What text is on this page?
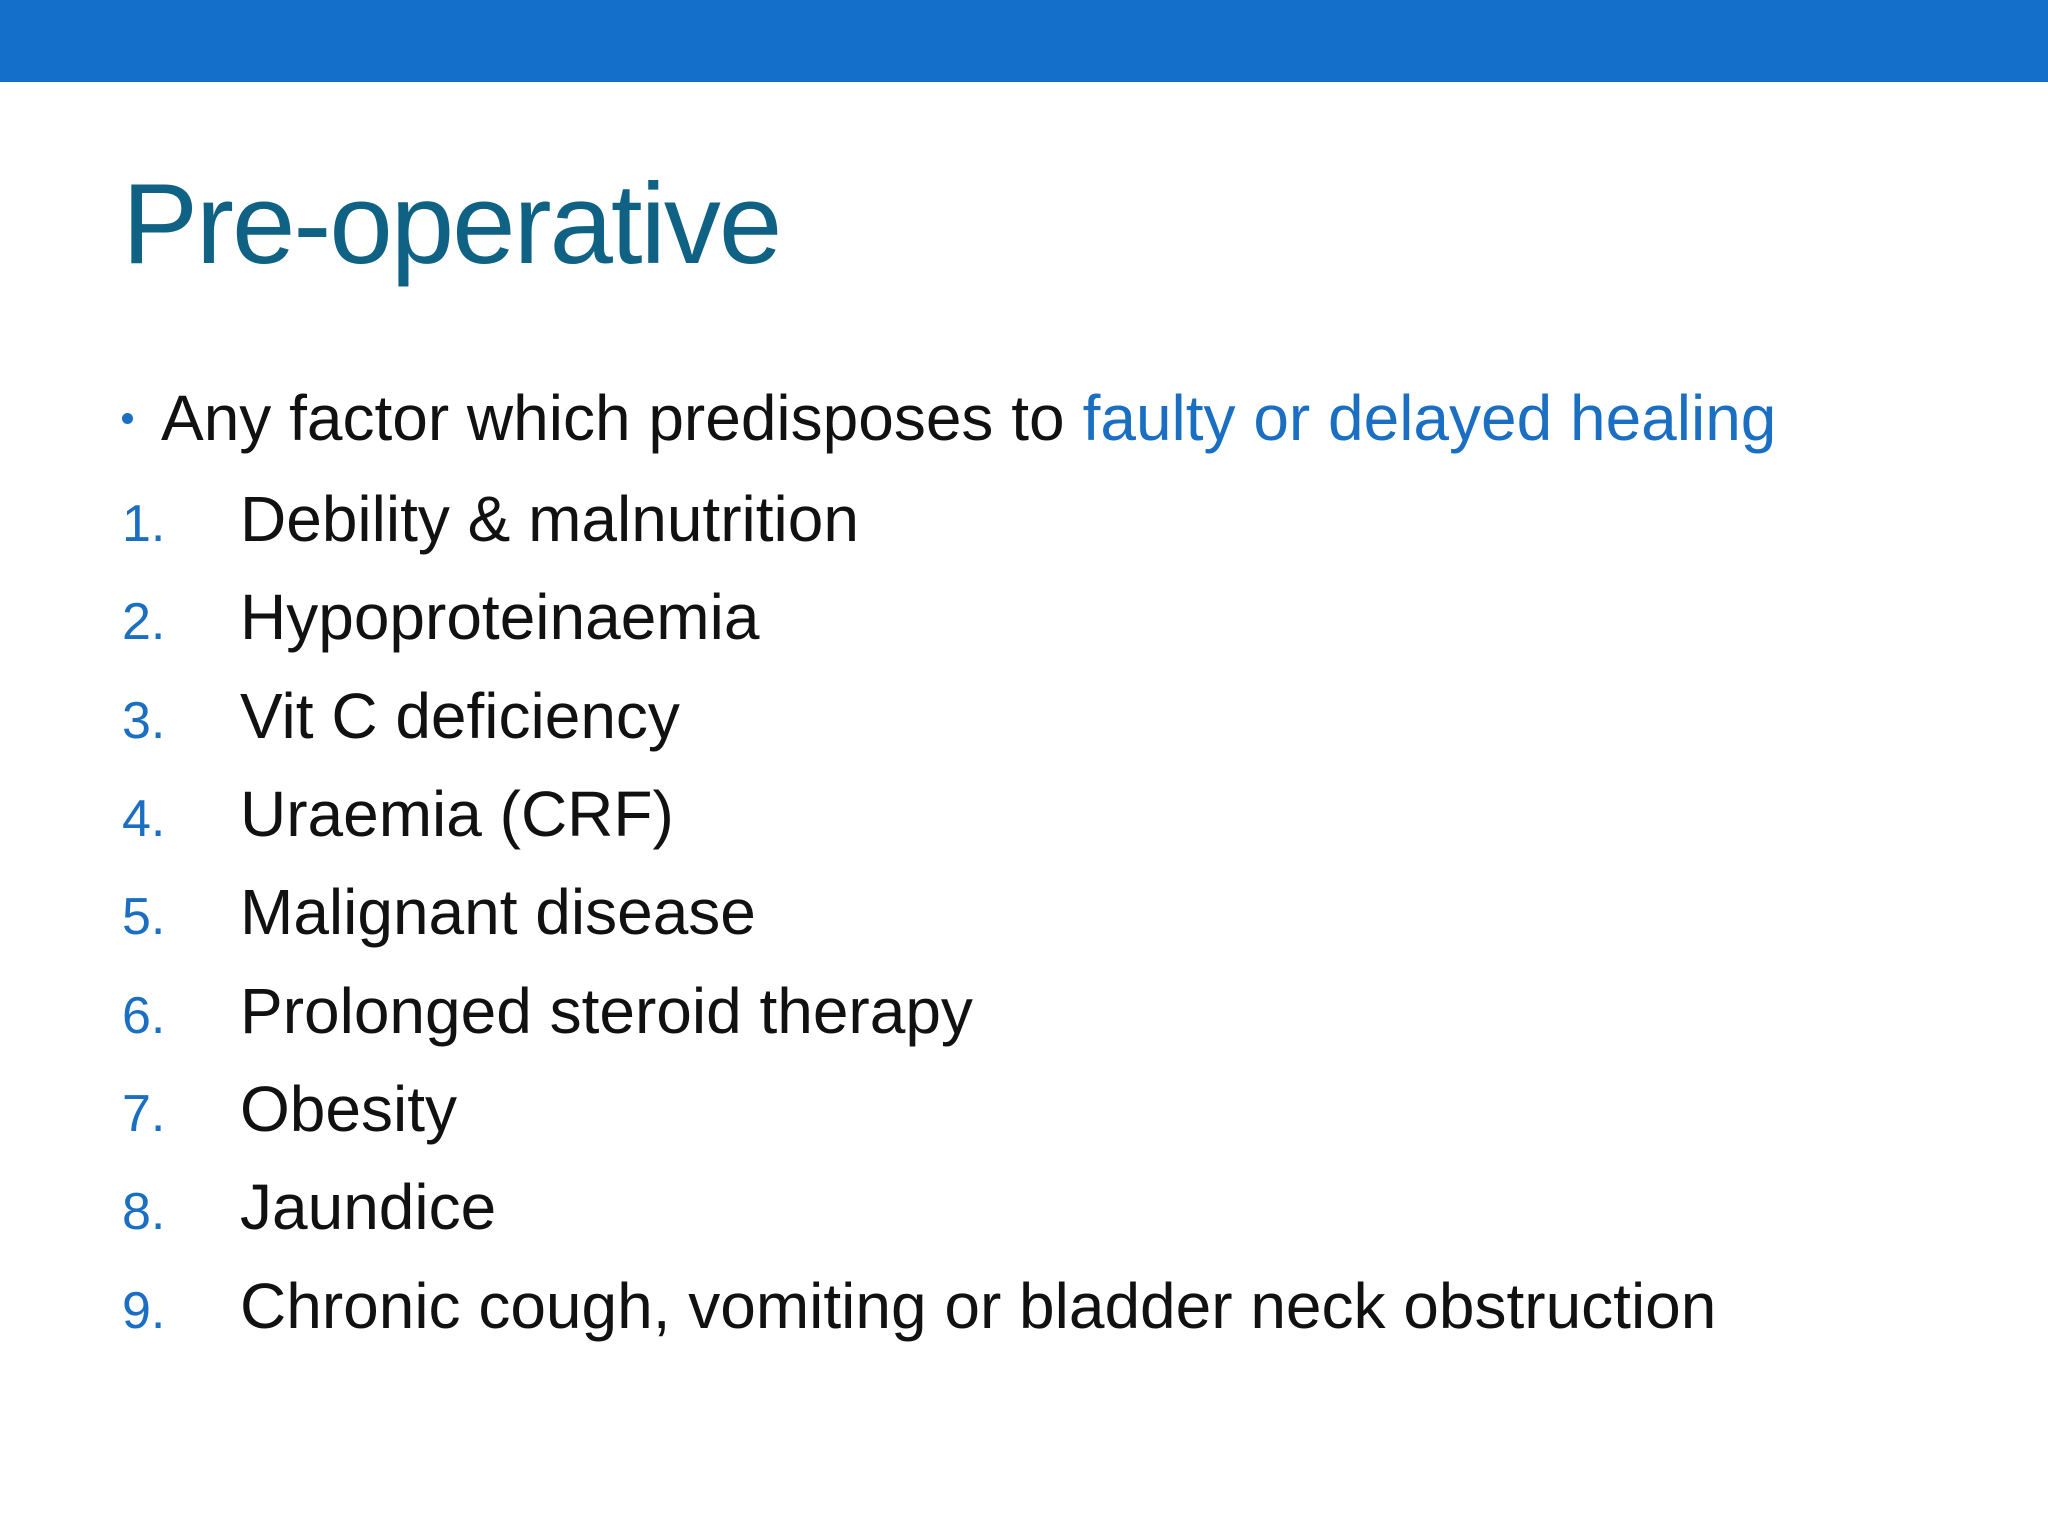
Pre-operative
Any factor which predisposes to faulty or delayed healing
1.	Debility & malnutrition
2.	Hypoproteinaemia
3.	Vit C deficiency
4.	Uraemia (CRF)
5.	Malignant disease
6.	Prolonged steroid therapy
7.	Obesity
8.	Jaundice
9.	Chronic cough, vomiting or bladder neck obstruction
